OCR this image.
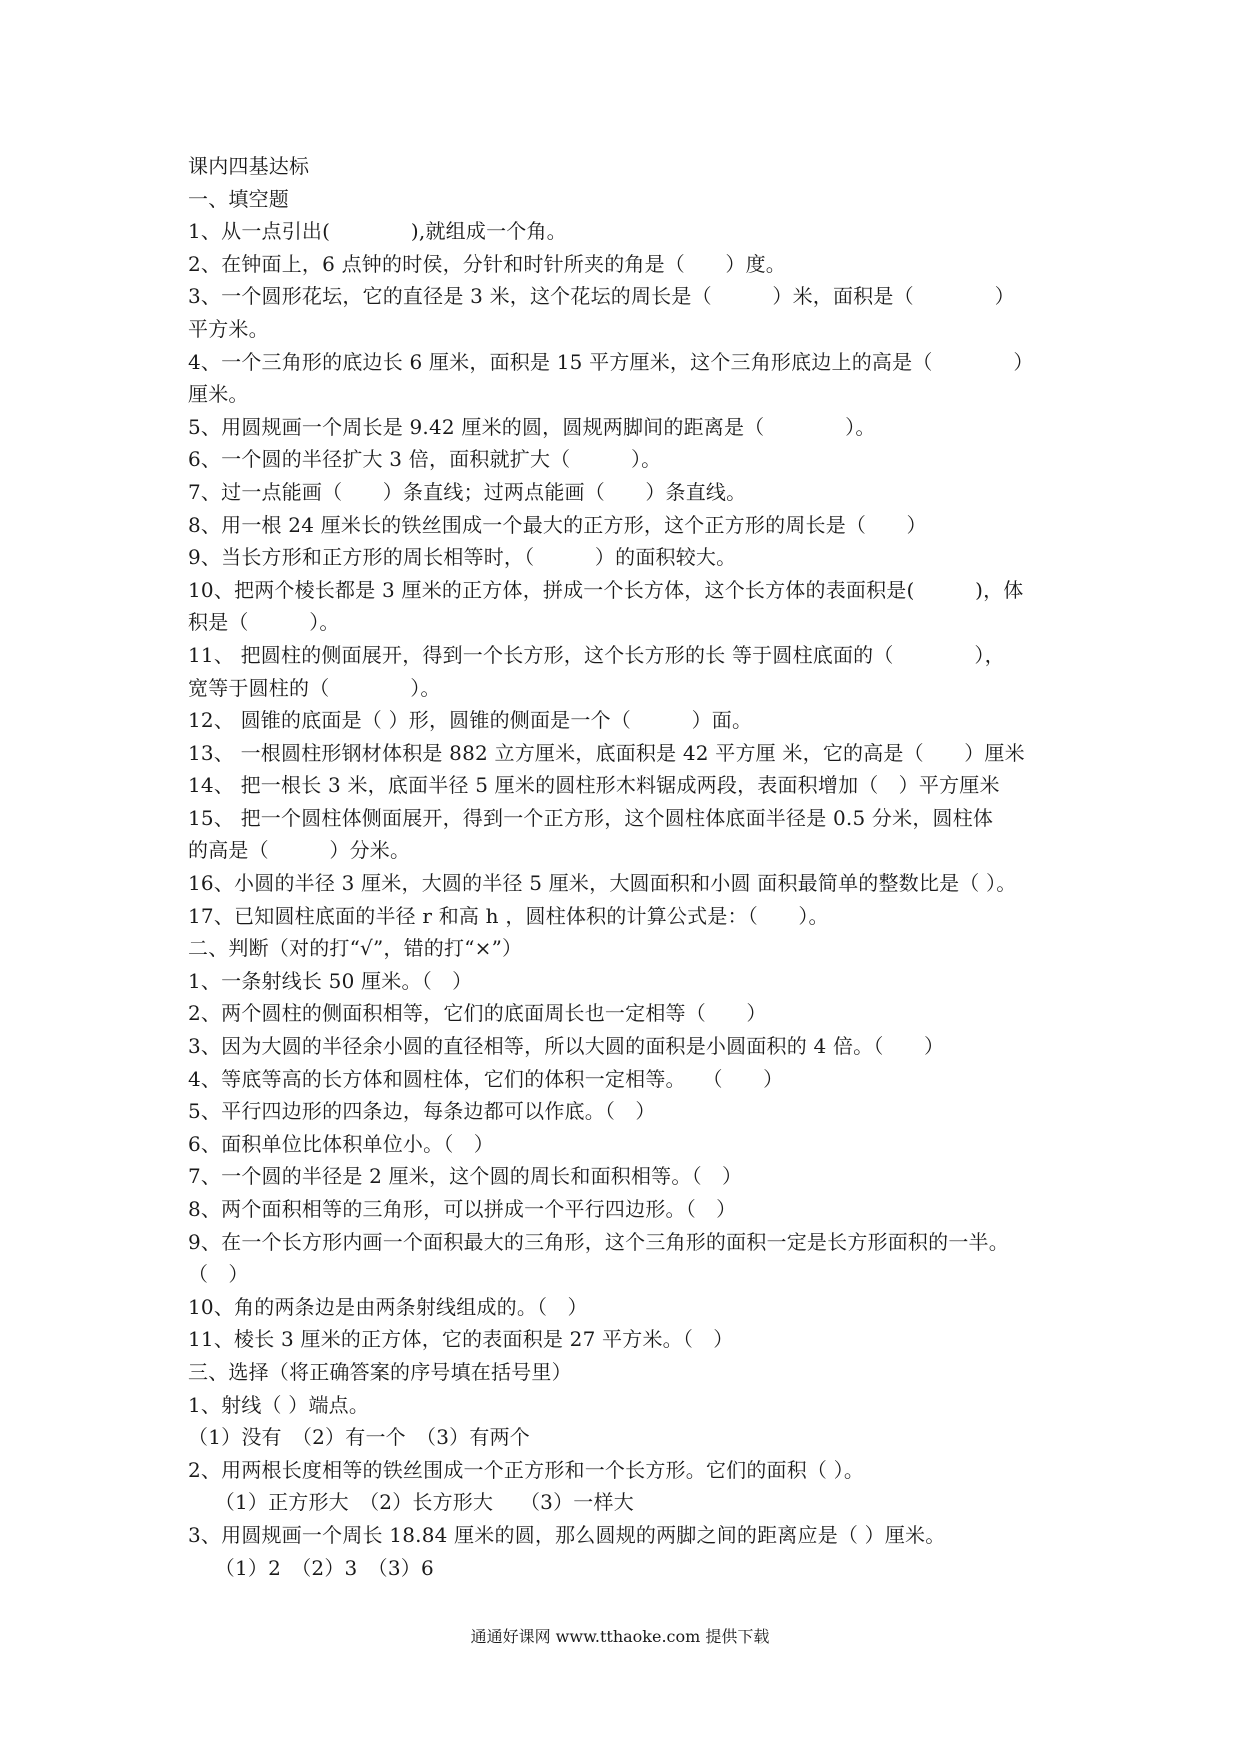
课内四基达标
一、填空题
1、从一点引出(　　　　),就组成一个角。
2、在钟面上，6 点钟的时侯，分针和时针所夹的角是（　　）度。
3、一个圆形花坛，它的直径是 3 米，这个花坛的周长是（　　　）米，面积是（　　　　）
平方米。
4、一个三角形的底边长 6 厘米，面积是 15 平方厘米，这个三角形底边上的高是（　　　　）
厘米。
5、用圆规画一个周长是 9.42 厘米的圆，圆规两脚间的距离是（　　　　）。
6、一个圆的半径扩大 3 倍，面积就扩大（　　　）。
7、过一点能画（　　）条直线；过两点能画（　　）条直线。
8、用一根 24 厘米长的铁丝围成一个最大的正方形，这个正方形的周长是（　　）
9、当长方形和正方形的周长相等时，（　　　）的面积较大。
10、把两个棱长都是 3 厘米的正方体，拼成一个长方体，这个长方体的表面积是(　　　)，体
积是（　　　）。
11、 把圆柱的侧面展开，得到一个长方形，这个长方形的长 等于圆柱底面的（　　　　），
宽等于圆柱的（　　　　）。
12、 圆锥的底面是（ ）形，圆锥的侧面是一个（　　　）面。
13、 一根圆柱形钢材体积是 882 立方厘米，底面积是 42 平方厘 米，它的高是（　　）厘米
14、 把一根长 3 米，底面半径 5 厘米的圆柱形木料锯成两段，表面积增加（　）平方厘米
15、 把一个圆柱体侧面展开，得到一个正方形，这个圆柱体底面半径是 0.5 分米，圆柱体
的高是（　　　）分米。
16、小圆的半径 3 厘米，大圆的半径 5 厘米，大圆面积和小圆 面积最简单的整数比是（ ）。
17、已知圆柱底面的半径 r 和高 h ，圆柱体积的计算公式是：（　　）。
二、判断（对的打“√”，错的打“×”）
1、一条射线长 50 厘米。（　）
2、两个圆柱的侧面积相等，它们的底面周长也一定相等（　　）
3、因为大圆的半径余小圆的直径相等，所以大圆的面积是小圆面积的 4 倍。（　　）
4、等底等高的长方体和圆柱体，它们的体积一定相等。　 （　　）
5、平行四边形的四条边，每条边都可以作底。（　）
6、面积单位比体积单位小。（　）
7、一个圆的半径是 2 厘米，这个圆的周长和面积相等。（　）
8、两个面积相等的三角形，可以拼成一个平行四边形。（　）
9、在一个长方形内画一个面积最大的三角形，这个三角形的面积一定是长方形面积的一半。
（　）
10、角的两条边是由两条射线组成的。（　）
11、棱长 3 厘米的正方体，它的表面积是 27 平方米。（　）
三、选择（将正确答案的序号填在括号里）
1、射线（ ）端点。
（1）没有　（2）有一个　（3）有两个
2、用两根长度相等的铁丝围成一个正方形和一个长方形。它们的面积（ ）。
　 （1）正方形大　（2）长方形大　 （3）一样大
3、用圆规画一个周长 18.84 厘米的圆，那么圆规的两脚之间的距离应是（ ）厘米。
　 （1）2　（2）3　（3）6
通通好课网 www.tthaoke.com 提供下载
